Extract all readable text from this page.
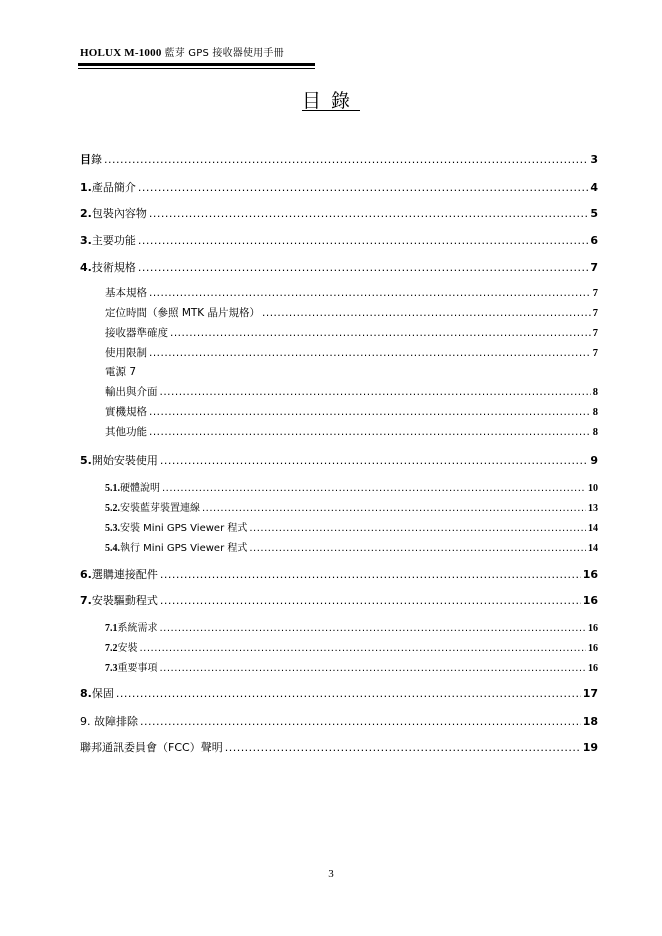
HOLUX M-1000 藍芽 GPS 接收器使用手冊
目錄
目 錄 .....	3
1. 產品簡介 .....	4
2. 包裝內容物 .....	5
3. 主要功能 .....	6
4. 技術規格 .....	7
基本規格 .....	7
定位時間（參照 MTK 晶片規格） .....	7
接收器準確度 .....	7
使用限制 .....	7
電源 7
輸出與介面 .....	8
實機規格 .....	8
其他功能 .....	8
5. 開始安裝使用 .....	9
5.1. 硬體說明 .....	10
5.2. 安裝藍芽裝置連線 .....	13
5.3. 安裝 Mini GPS Viewer 程式 .....	14
5.4. 執行 Mini GPS Viewer 程式 .....	14
6. 選購連接配件 .....	16
7. 安裝驅動程式 .....	16
7.1 系統需求 .....	16
7.2 安裝 .....	16
7.3 重要事項 .....	16
8. 保固 .....	17
9. 故障排除 .....	18
聯邦通訊委員會（FCC）聲明 .....	19
3
